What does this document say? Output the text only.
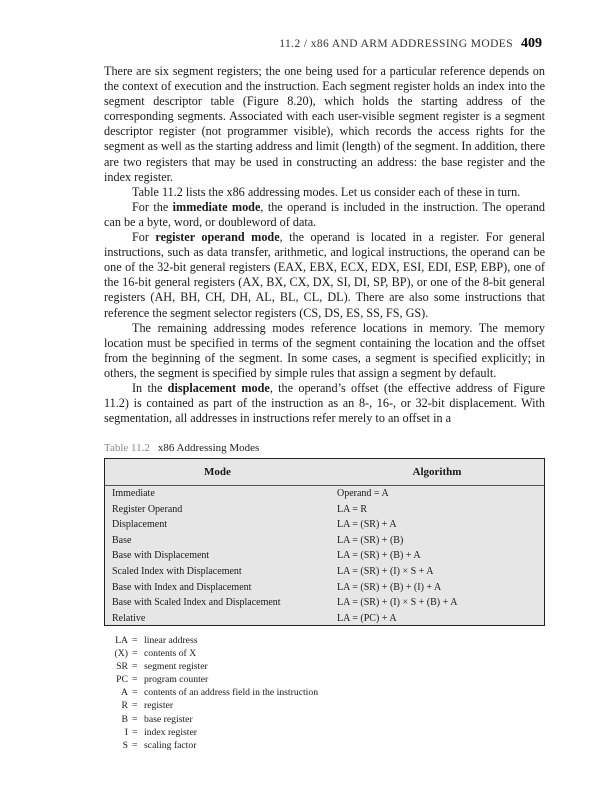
11.2 / x86 AND ARM ADDRESSING MODES 409

There are six segment registers; the one being used for a particular reference depends on the context of execution and the instruction. Each segment register holds an index into the segment descriptor table (Figure 8.20), which holds the starting address of the corresponding segments. Associated with each user-visible segment register is a segment descriptor register (not programmer visible), which records the access rights for the segment as well as the starting address and limit (length) of the segment. In addition, there are two registers that may be used in constructing an address: the base register and the index register.

Table 11.2 lists the x86 addressing modes. Let us consider each of these in turn.

For the immediate mode, the operand is included in the instruction. The operand can be a byte, word, or doubleword of data.

For register operand mode, the operand is located in a register. For general instructions, such as data transfer, arithmetic, and logical instructions, the operand can be one of the 32-bit general registers (EAX, EBX, ECX, EDX, ESI, EDI, ESP, EBP), one of the 16-bit general registers (AX, BX, CX, DX, SI, DI, SP, BP), or one of the 8-bit general registers (AH, BH, CH, DH, AL, BL, CL, DL). There are also some instructions that reference the segment selector registers (CS, DS, ES, SS, FS, GS).

The remaining addressing modes reference locations in memory. The memory location must be specified in terms of the segment containing the location and the offset from the beginning of the segment. In some cases, a segment is specified explicitly; in others, the segment is specified by simple rules that assign a segment by default.

In the displacement mode, the operand’s offset (the effective address of Figure 11.2) is contained as part of the instruction as an 8-, 16-, or 32-bit displacement. With segmentation, all addresses in instructions refer merely to an offset in a

Table 11.2 x86 Addressing Modes
Mode	Algorithm
Immediate	Operand = A
Register Operand	LA = R
Displacement	LA = (SR) + A
Base	LA = (SR) + (B)
Base with Displacement	LA = (SR) + (B) + A
Scaled Index with Displacement	LA = (SR) + (I) × S + A
Base with Index and Displacement	LA = (SR) + (B) + (I) + A
Base with Scaled Index and Displacement	LA = (SR) + (I) × S + (B) + A
Relative	LA = (PC) + A
LA = linear address
(X) = contents of X
SR = segment register
PC = program counter
A = contents of an address field in the instruction
R = register
B = base register
I = index register
S = scaling factor
